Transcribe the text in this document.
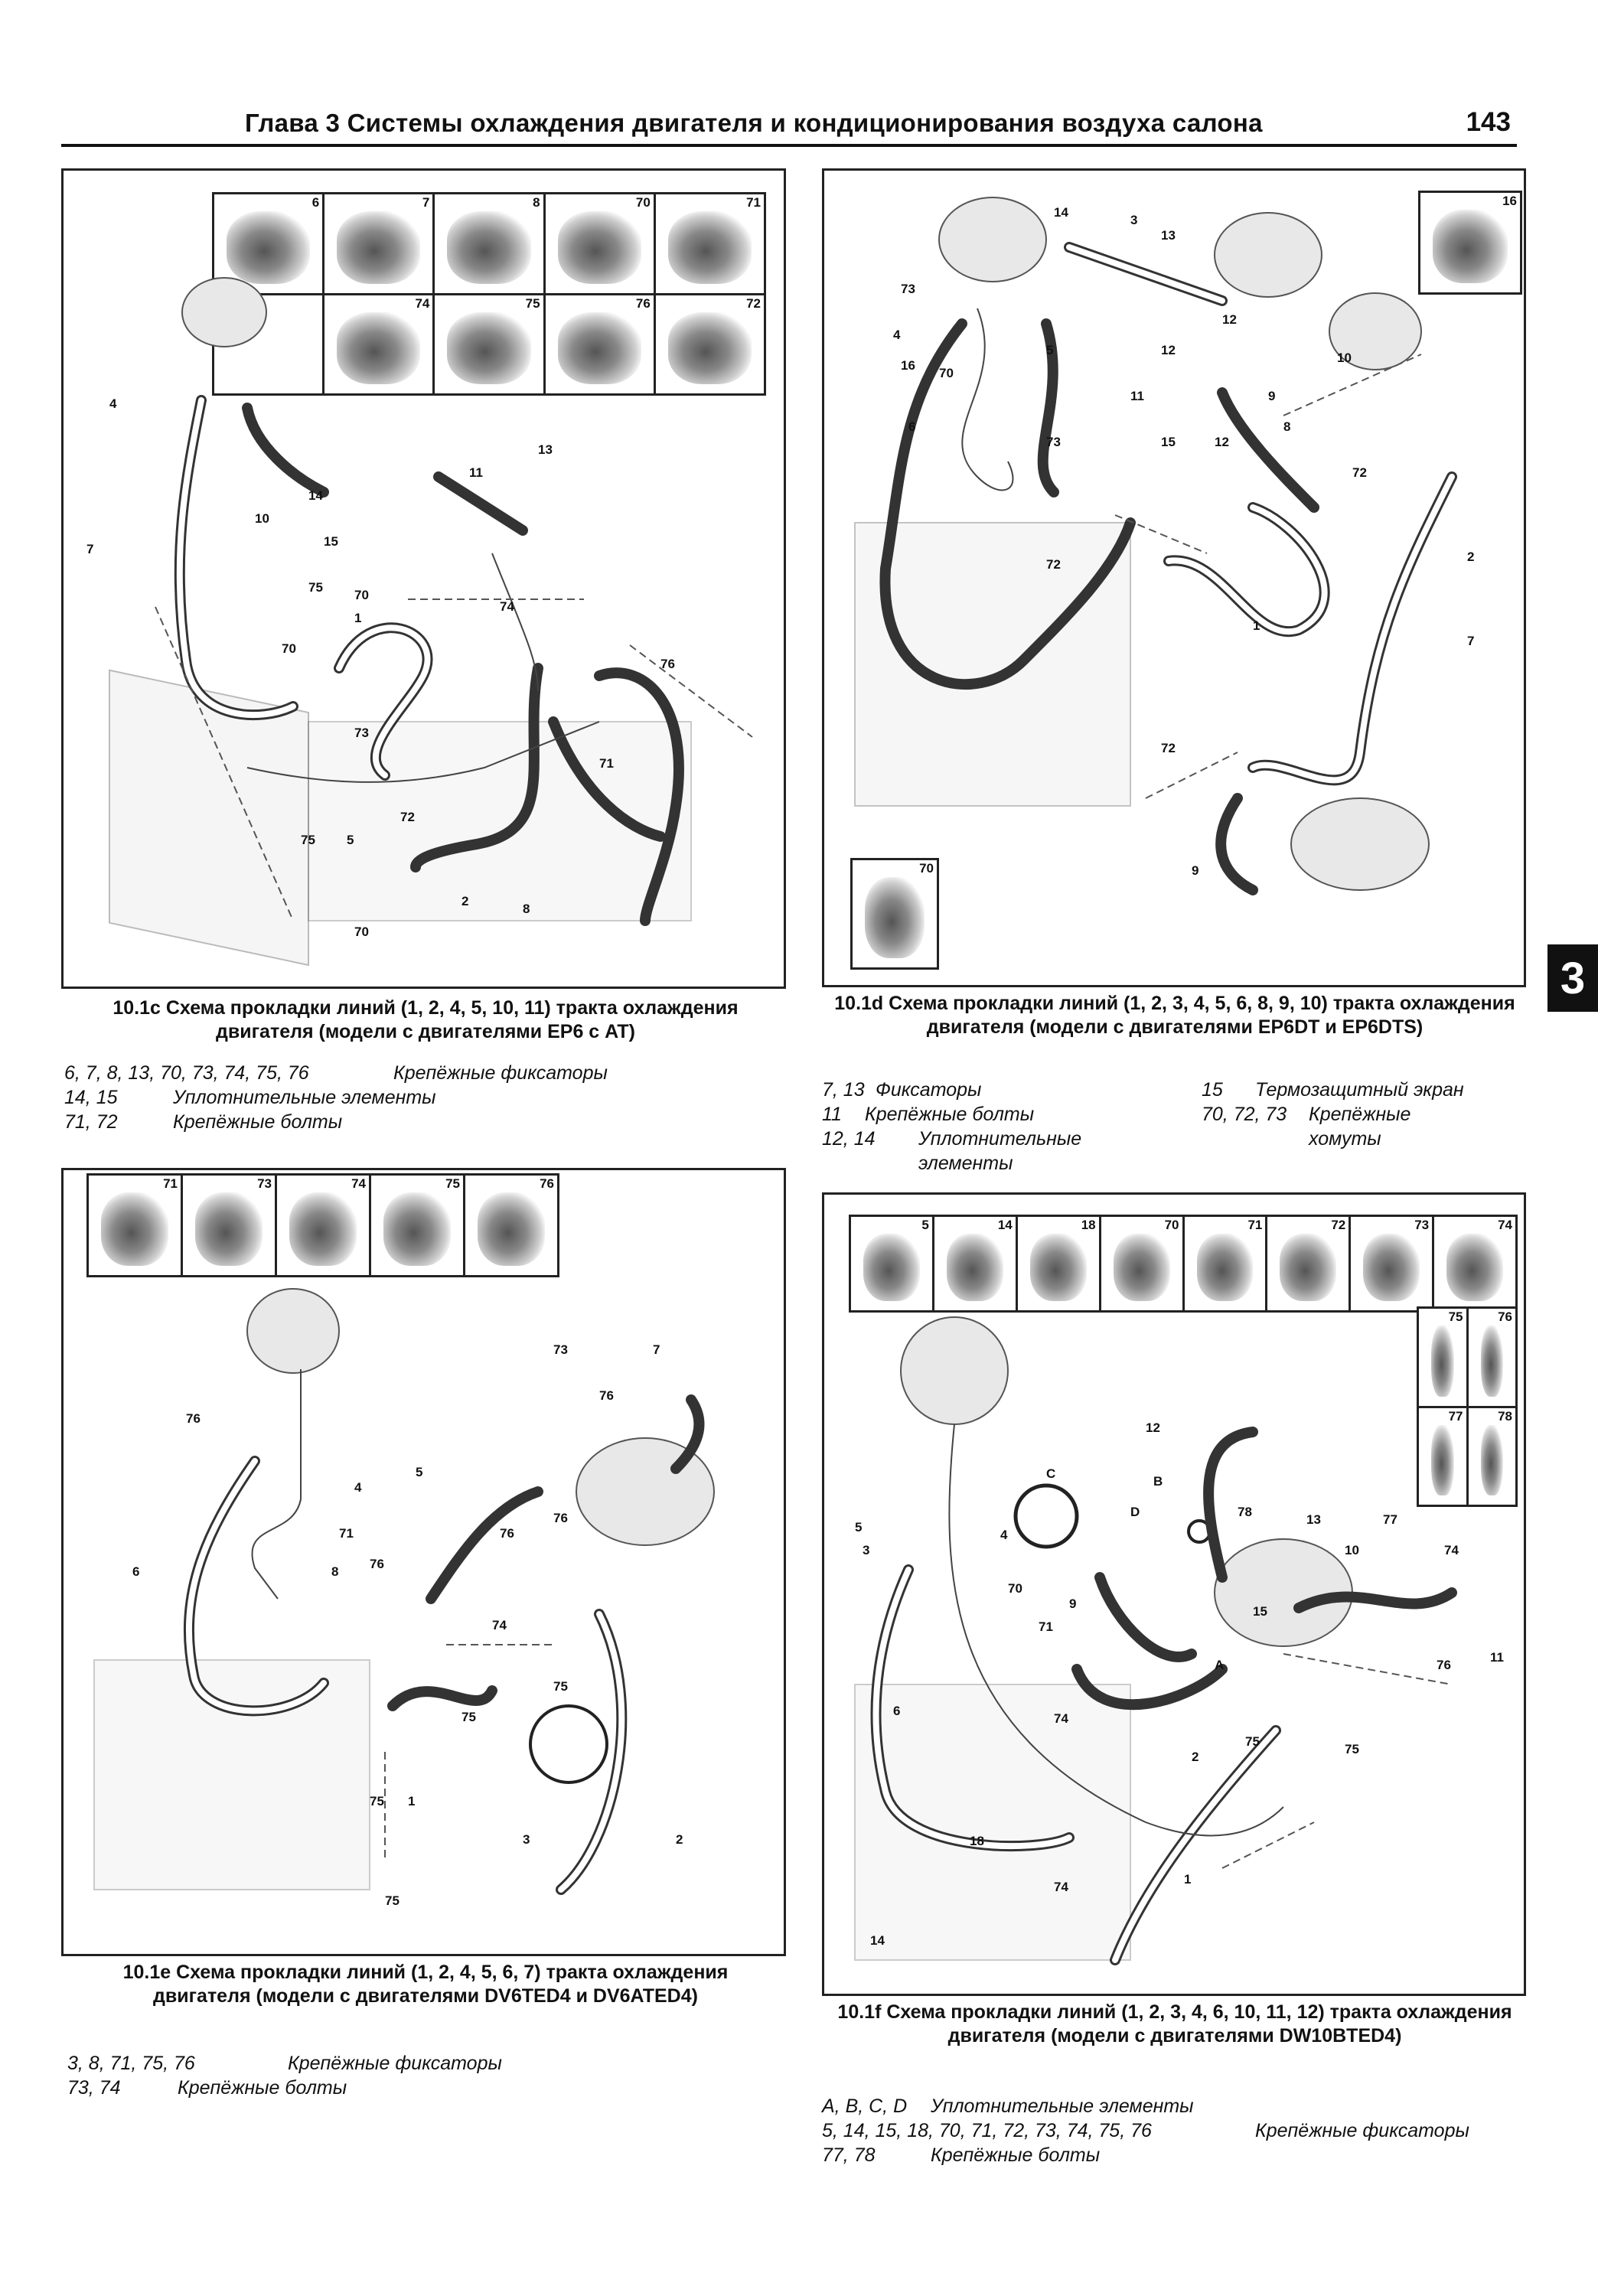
Глава 3 Системы охлаждения двигателя и кондиционирования воздуха салона	143
3
6	7	8	70	71
74	75	76	72
4
10
11
13
14
15
7
75
70
1
70
74
76
73
71
72
75 5
2
70
8
10.1c Схема прокладки линий (1, 2, 4, 5, 10, 11) тракта охлаждения двигателя (модели с двигателями EP6 с AT)
6, 7, 8, 13, 70, 73, 74, 75, 76	Крепёжные фиксаторы
14, 15	Уплотнительные элементы
71, 72	Крепёжные болты
16
70
14
3
13
73
12
4
5	12
10
16
70
11	9
6
73	15	12
8
72
72
1
2
7
72
9
10.1d Схема прокладки линий (1, 2, 3, 4, 5, 6, 8, 9, 10) тракта охлаждения двигателя (модели с двигателями EP6DT и EP6DTS)
7, 13 Фиксаторы
11 Крепёжные болты
12, 14 Уплотнительные элементы
15 Термозащитный экран
70, 72, 73 Крепёжные хомуты
71	73	74	75	76
73	7
76
76
4
5
76
71	76
6	8
76
74
75
75
75 1
3	2
75
10.1e Схема прокладки линий (1, 2, 4, 5, 6, 7) тракта охлаждения двигателя (модели с двигателями DV6TED4 и DV6ATED4)
3, 8, 71, 75, 76	Крепёжные фиксаторы
73, 74	Крепёжные болты
5	14	18	70	71	72	73	74
75	76
77	78
12
B
C
D	78
13	77
74
10
5
4
3
70
71
9
15
11
76
A
6
74
2
75
75
18
74
1
14
10.1f Схема прокладки линий (1, 2, 3, 4, 6, 10, 11, 12) тракта охлаждения двигателя (модели с двигателями DW10BTED4)
A, B, C, D Уплотнительные элементы
5, 14, 15, 18, 70, 71, 72, 73, 74, 75, 76	Крепёжные фиксаторы
77, 78	Крепёжные болты
